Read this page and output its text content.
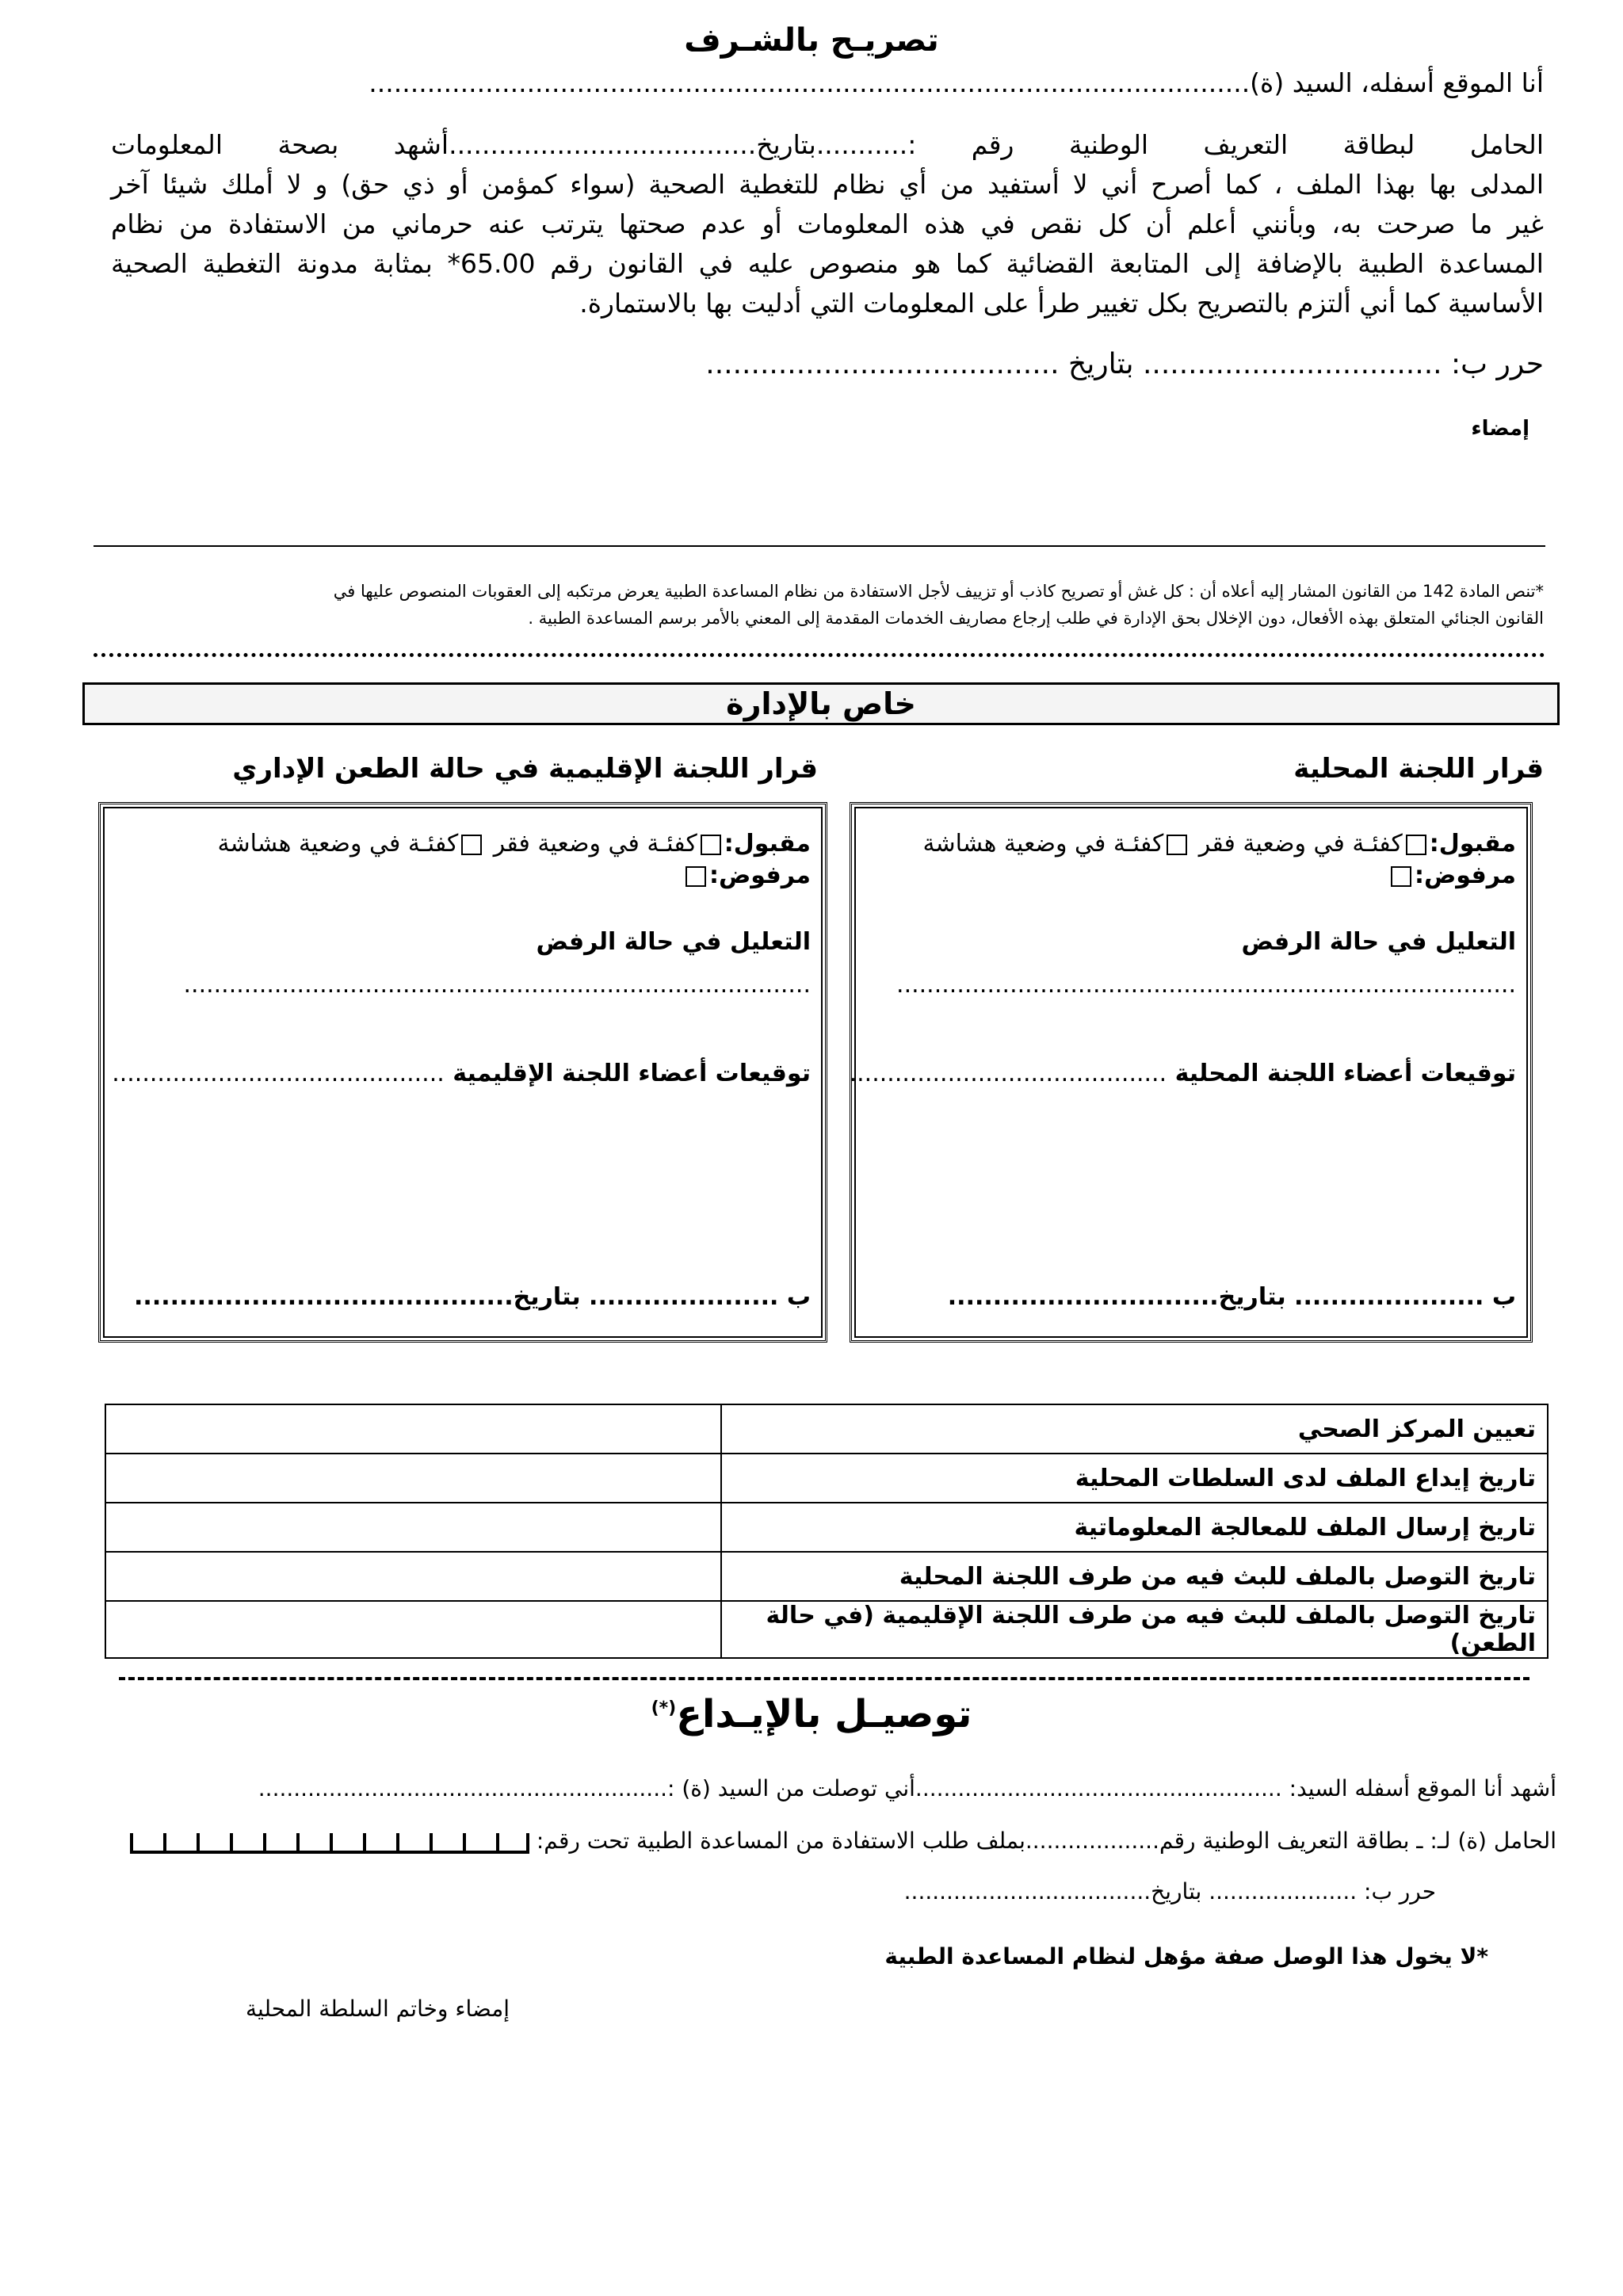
تصريـح بالشـرف
أنا الموقع أسفله، السيد (ة)..........................................................................................................
الحامل لبطاقة التعريف الوطنية رقم :...........بتاريخ.....................................أشهد بصحة المعلومات
المدلى بها بهذا الملف ، كما أصرح أني لا أستفيد من أي نظام للتغطية الصحية (سواء كمؤمن أو ذي حق) و لا أملك شيئا آخر
غير ما صرحت به، وبأنني أعلم أن كل نقص في هذه المعلومات أو عدم صحتها يترتب عنه حرماني من الاستفادة من نظام
المساعدة الطبية بالإضافة إلى المتابعة القضائية كما هو منصوص عليه في القانون رقم 65.00* بمثابة مدونة التغطية الصحية
الأساسية كما أني ألتزم بالتصريح بكل تغيير طرأ على المعلومات التي أدليت بها بالاستمارة.
حرر ب: ................................. بتاريخ .......................................
إمضاء
*تنص المادة 142 من القانون المشار إليه أعلاه أن : كل غش أو تصريح كاذب أو تزييف لأجل الاستفادة من نظام المساعدة الطبية يعرض مرتكبه إلى العقوبات المنصوص عليها في
القانون الجنائي المتعلق بهذه الأفعال، دون الإخلال بحق الإدارة في طلب إرجاع مصاريف الخدمات المقدمة إلى المعني بالأمر برسم المساعدة الطبية .
خاص بالإدارة
قرار اللجنة المحلية
قرار اللجنة الإقليمية في حالة الطعن الإداري
مقبول:كفئـة في وضعية فقر كفئـة في وضعية هشاشة
مرفوض:
التعليل في حالة الرفض
..................................................................................
توقيعات أعضاء اللجنة المحلية ..........................................
ب ..................... بتاريخ..............................
مقبول:كفئـة في وضعية فقر كفئـة في وضعية هشاشة
مرفوض:
التعليل في حالة الرفض
...................................................................................
توقيعات أعضاء اللجنة الإقليمية ............................................
ب ..................... بتاريخ..........................................
تعيين المركز الصحي	
تاريخ إيداع الملف لدى السلطات المحلية	
تاريخ إرسال الملف للمعالجة المعلوماتية	
تاريخ التوصل بالملف للبث فيه من طرف اللجنة المحلية	
تاريخ التوصل بالملف للبث فيه من طرف اللجنة الإقليمية (في حالة الطعن)	
توصيـل بالإيـداع(*)
أشهد أنا الموقع أسفله السيد: ....................................................أني توصلت من السيد (ة) :..........................................................
الحامل (ة) لـ: ـ بطاقة التعريف الوطنية رقم...................بملف طلب الاستفادة من المساعدة الطبية تحت رقم:
حرر ب: ..................... بتاريخ...................................
*لا يخول هذا الوصل صفة مؤهل لنظام المساعدة الطبية
إمضاء وخاتم السلطة المحلية
